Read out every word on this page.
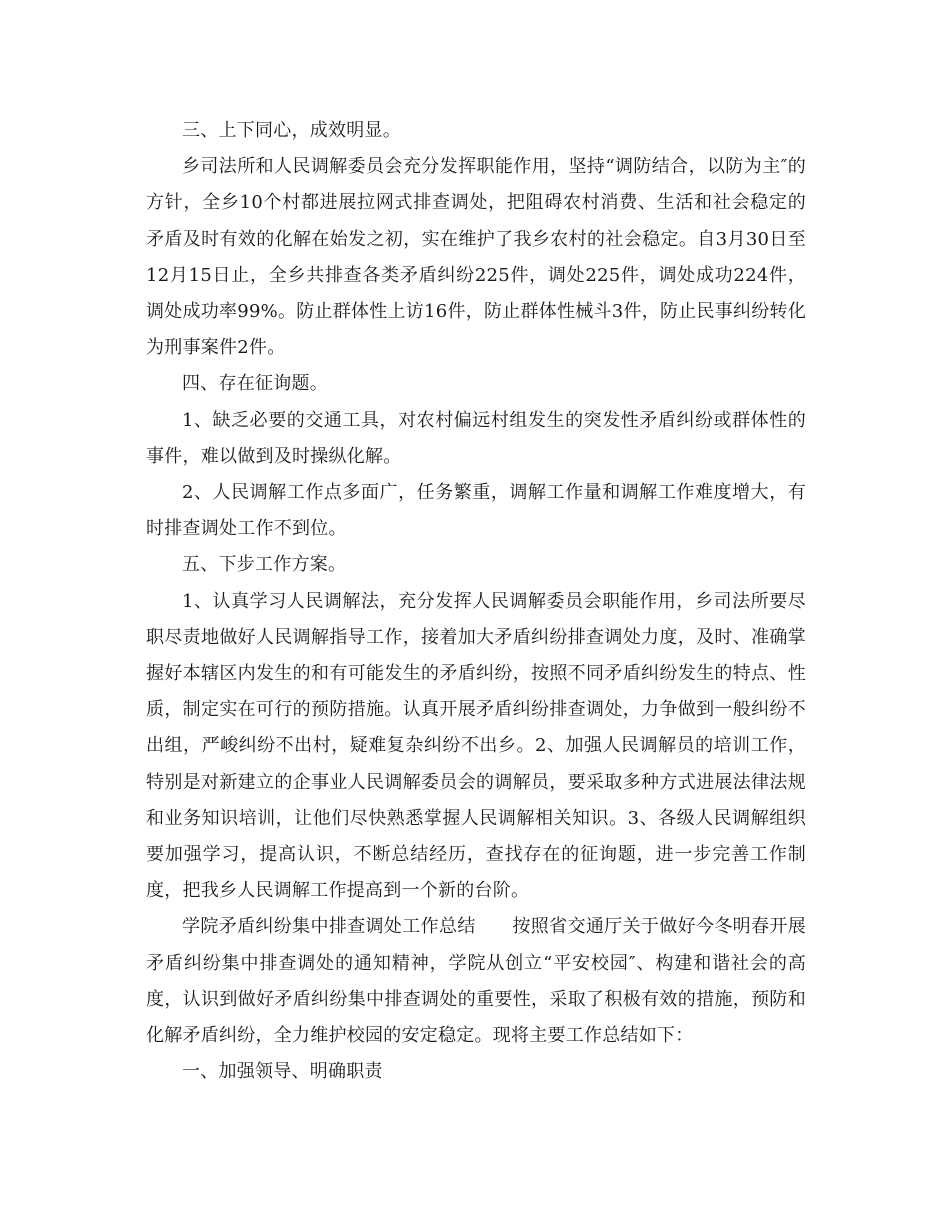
三、上下同心，成效明显。

乡司法所和人民调解委员会充分发挥职能作用，坚持“调防结合，以防为主″的方针，全乡10个村都进展拉网式排查调处，把阻碍农村消费、生活和社会稳定的矛盾及时有效的化解在始发之初，实在维护了我乡农村的社会稳定。自3月30日至12月15日止，全乡共排查各类矛盾纠纷225件，调处225件，调处成功224件，调处成功率99%。防止群体性上访16件，防止群体性械斗3件，防止民事纠纷转化为刑事案件2件。

四、存在征询题。

1、缺乏必要的交通工具，对农村偏远村组发生的突发性矛盾纠纷或群体性的事件，难以做到及时操纵化解。

2、人民调解工作点多面广，任务繁重，调解工作量和调解工作难度增大，有时排查调处工作不到位。

五、下步工作方案。

1、认真学习人民调解法，充分发挥人民调解委员会职能作用，乡司法所要尽职尽责地做好人民调解指导工作，接着加大矛盾纠纷排查调处力度，及时、准确掌握好本辖区内发生的和有可能发生的矛盾纠纷，按照不同矛盾纠纷发生的特点、性质，制定实在可行的预防措施。认真开展矛盾纠纷排查调处，力争做到一般纠纷不出组，严峻纠纷不出村，疑难复杂纠纷不出乡。2、加强人民调解员的培训工作，特别是对新建立的企事业人民调解委员会的调解员，要采取多种方式进展法律法规和业务知识培训，让他们尽快熟悉掌握人民调解相关知识。3、各级人民调解组织要加强学习，提高认识，不断总结经历，查找存在的征询题，进一步完善工作制度，把我乡人民调解工作提高到一个新的台阶。

学院矛盾纠纷集中排查调处工作总结　　按照省交通厅关于做好今冬明春开展矛盾纠纷集中排查调处的通知精神，学院从创立“平安校园″、构建和谐社会的高度，认识到做好矛盾纠纷集中排查调处的重要性，采取了积极有效的措施，预防和化解矛盾纠纷，全力维护校园的安定稳定。现将主要工作总结如下：

一、加强领导、明确职责
